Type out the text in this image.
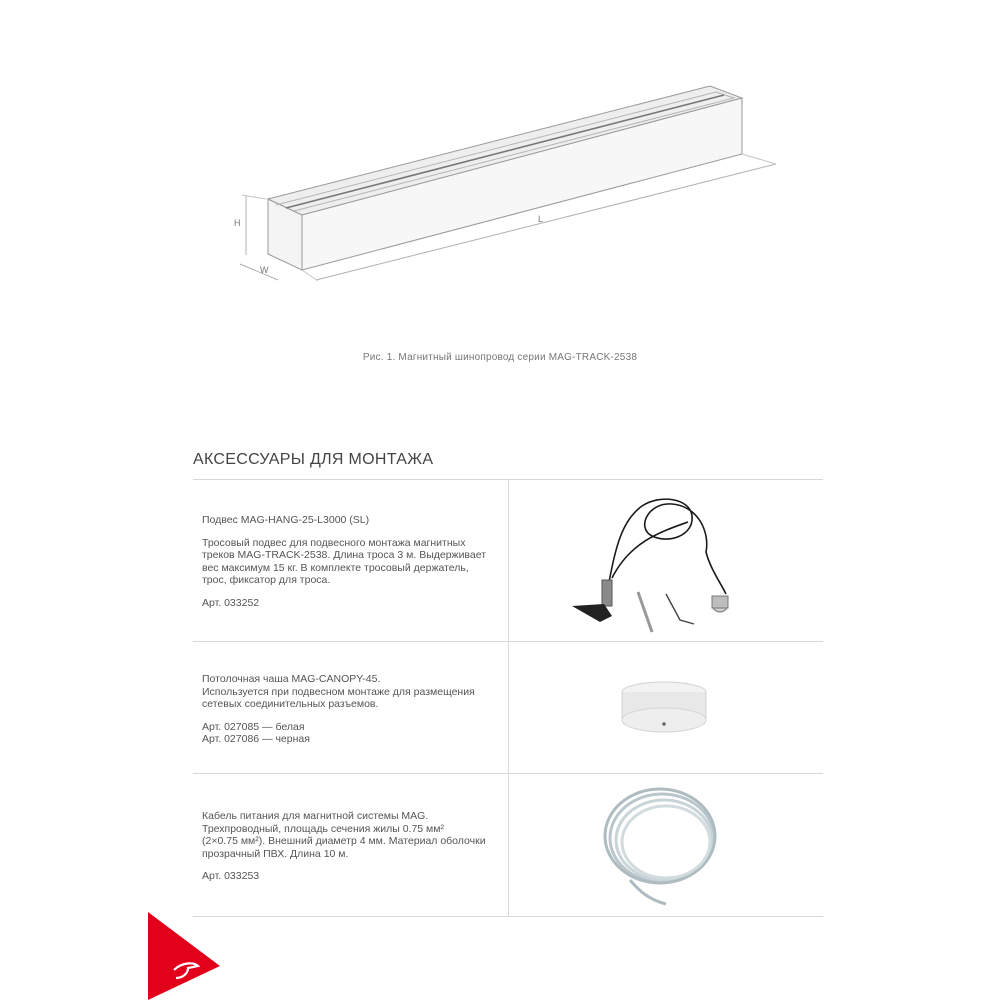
H
W
L
Рис. 1. Магнитный шинопровод серии MAG-TRACK-2538
АКСЕССУАРЫ ДЛЯ МОНТАЖА

Подвес MAG-HANG-25-L3000 (SL)

Тросовый подвес для подвесного монтажа магнитных

треков MAG-TRACK-2538. Длина троса 3 м. Выдерживает

вес максимум 15 кг. В комплекте тросовый держатель,

трос, фиксатор для троса.

Арт. 033252

Потолочная чаша MAG-CANOPY-45.

Используется при подвесном монтаже для размещения

сетевых соединительных разъемов.

Арт. 027085 — белая

Арт. 027086 — черная

Кабель питания для магнитной системы MAG.

Трехпроводный, площадь сечения жилы 0.75 мм²

(2×0.75 мм²). Внешний диаметр 4 мм. Материал оболочки

прозрачный ПВХ. Длина 10 м.

Арт. 033253
